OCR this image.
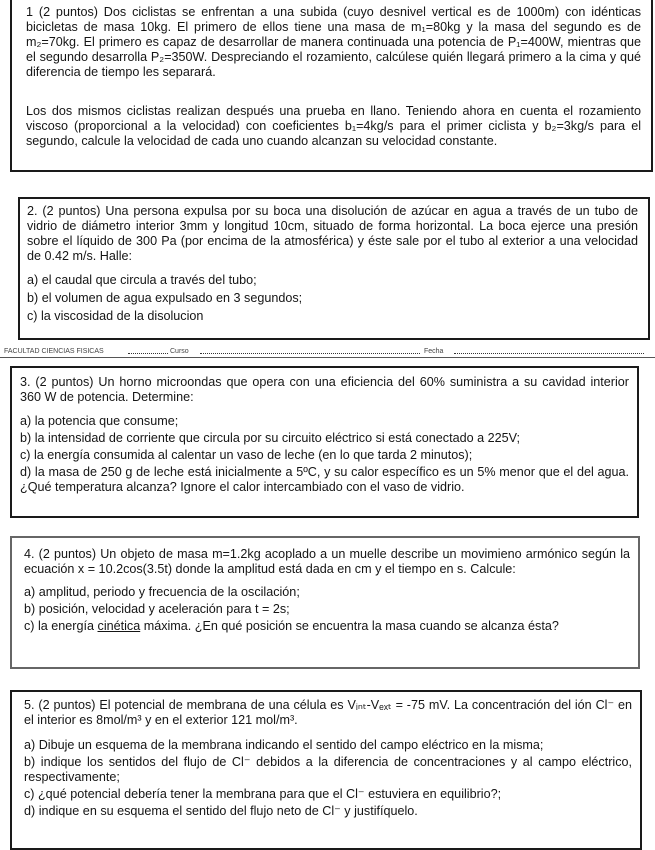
1 (2 puntos) Dos ciclistas se enfrentan a una subida (cuyo desnivel vertical es de 1000m) con idénticas bicicletas de masa 10kg. El primero de ellos tiene una masa de m₁=80kg y la masa del segundo es de m₂=70kg. El primero es capaz de desarrollar de manera continuada una potencia de P₁=400W, mientras que el segundo desarrolla P₂=350W. Despreciando el rozamiento, calcúlese quién llegará primero a la cima y qué diferencia de tiempo les separará.

Los dos mismos ciclistas realizan después una prueba en llano. Teniendo ahora en cuenta el rozamiento viscoso (proporcional a la velocidad) con coeficientes b₁=4kg/s para el primer ciclista y b₂=3kg/s para el segundo, calcule la velocidad de cada uno cuando alcanzan su velocidad constante.

2. (2 puntos) Una persona expulsa por su boca una disolución de azúcar en agua a través de un tubo de vidrio de diámetro interior 3mm y longitud 10cm, situado de forma horizontal. La boca ejerce una presión sobre el líquido de 300 Pa (por encima de la atmosférica) y éste sale por el tubo al exterior a una velocidad de 0.42 m/s. Halle:

a) el caudal que circula a través del tubo;

b) el volumen de agua expulsado en 3 segundos;

c) la viscosidad de la disolucion

FACULTAD CIENCIAS FISICAS	Curso	Fecha

3. (2 puntos) Un horno microondas que opera con una eficiencia del 60% suministra a su cavidad interior 360 W de potencia. Determine:

a) la potencia que consume;

b) la intensidad de corriente que circula por su circuito eléctrico si está conectado a 225V;

c) la energía consumida al calentar un vaso de leche (en lo que tarda 2 minutos);

d) la masa de 250 g de leche está inicialmente a 5ºC, y su calor específico es un 5% menor que el del agua. ¿Qué temperatura alcanza? Ignore el calor intercambiado con el vaso de vidrio.

4. (2 puntos) Un objeto de masa m=1.2kg acoplado a un muelle describe un movimieno armónico según la ecuación x = 10.2cos(3.5t) donde la amplitud está dada en cm y el tiempo en s. Calcule:

a) amplitud, periodo y frecuencia de la oscilación;

b) posición, velocidad y aceleración para t = 2s;

c) la energía cinética máxima. ¿En qué posición se encuentra la masa cuando se alcanza ésta?

5. (2 puntos) El potencial de membrana de una célula es Vᵢₙₜ-Vₑₓₜ = -75 mV. La concentración del ión Cl⁻ en el interior es 8mol/m³ y en el exterior 121 mol/m³.

a) Dibuje un esquema de la membrana indicando el sentido del campo eléctrico en la misma;

b) indique los sentidos del flujo de Cl⁻ debidos a la diferencia de concentraciones y al campo eléctrico, respectivamente;

c) ¿qué potencial debería tener la membrana para que el Cl⁻ estuviera en equilibrio?;

d) indique en su esquema el sentido del flujo neto de Cl⁻ y justifíquelo.
